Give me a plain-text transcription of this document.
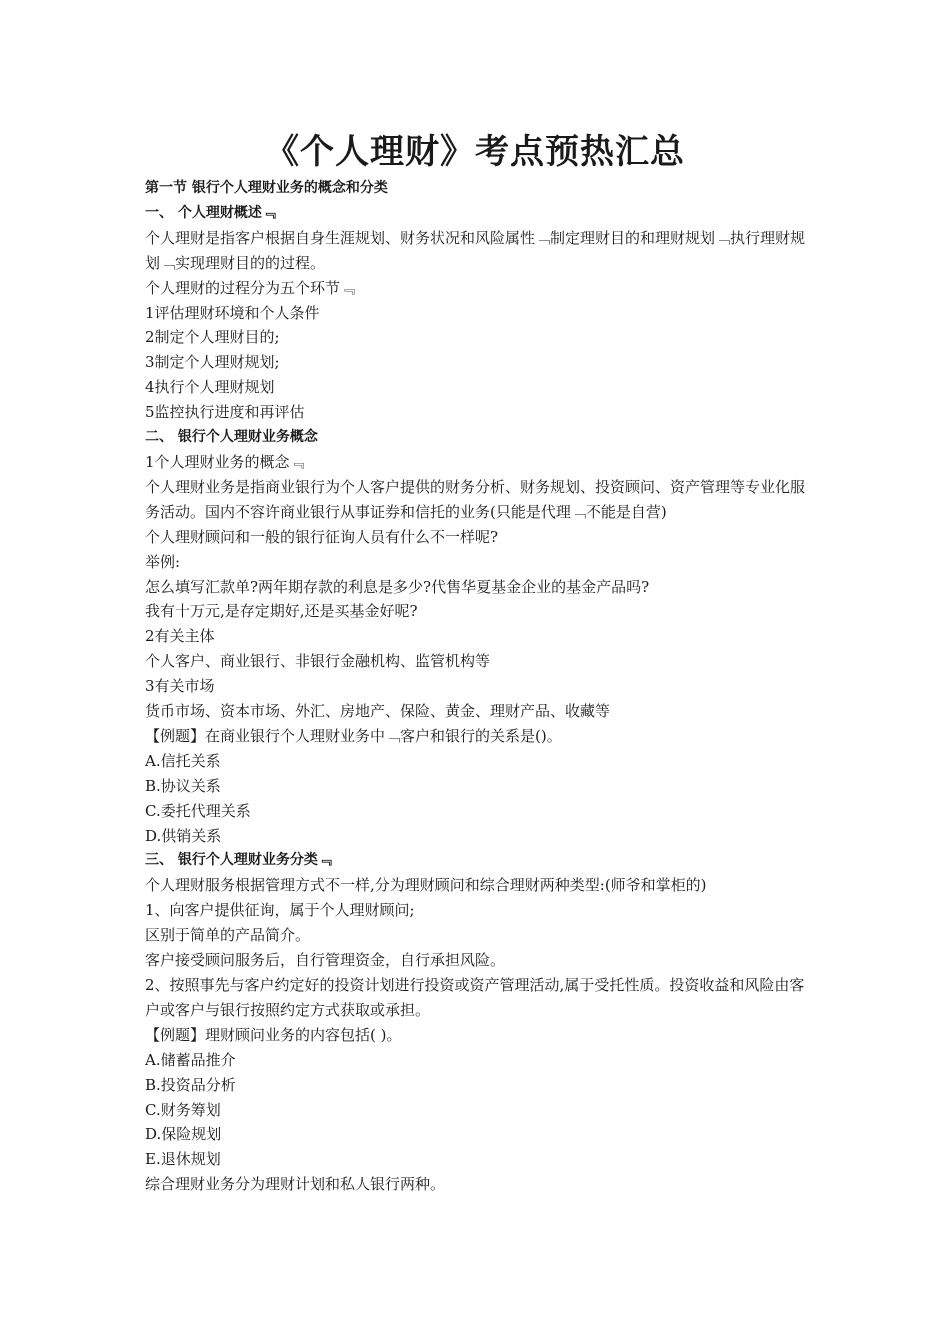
《个人理财》考点预热汇总

第一节 银行个人理财业务的概念和分类

一、 个人理财概述﹃

个人理财是指客户根据自身生涯规划、财务状况和风险属性﹁制定理财目的和理财规划﹁执行理财规划﹁实现理财目的的过程。

个人理财的过程分为五个环节﹃

1评估理财环境和个人条件

2制定个人理财目的;

3制定个人理财规划;

4执行个人理财规划

5监控执行进度和再评估

二、 银行个人理财业务概念

1个人理财业务的概念﹃

个人理财业务是指商业银行为个人客户提供的财务分析、财务规划、投资顾问、资产管理等专业化服务活动。国内不容许商业银行从事证券和信托的业务(只能是代理﹁不能是自营)

个人理财顾问和一般的银行征询人员有什么不一样呢?

举例:

怎么填写汇款单?两年期存款的利息是多少?代售华夏基金企业的基金产品吗?

我有十万元,是存定期好,还是买基金好呢?

2有关主体

个人客户、商业银行、非银行金融机构、监管机构等

3有关市场

货币市场、资本市场、外汇、房地产、保险、黄金、理财产品、收藏等

【例题】在商业银行个人理财业务中﹁客户和银行的关系是()。

A.信托关系

B.协议关系

C.委托代理关系

D.供销关系

三、 银行个人理财业务分类﹃

个人理财服务根据管理方式不一样,分为理财顾问和综合理财两种类型:(师爷和掌柜的)

1、向客户提供征询，属于个人理财顾问;

区别于简单的产品简介。

客户接受顾问服务后，自行管理资金，自行承担风险。

2、按照事先与客户约定好的投资计划进行投资或资产管理活动,属于受托性质。投资收益和风险由客户或客户与银行按照约定方式获取或承担。

【例题】理财顾问业务的内容包括( )。

A.储蓄品推介

B.投资品分析

C.财务筹划

D.保险规划

E.退休规划

综合理财业务分为理财计划和私人银行两种。
